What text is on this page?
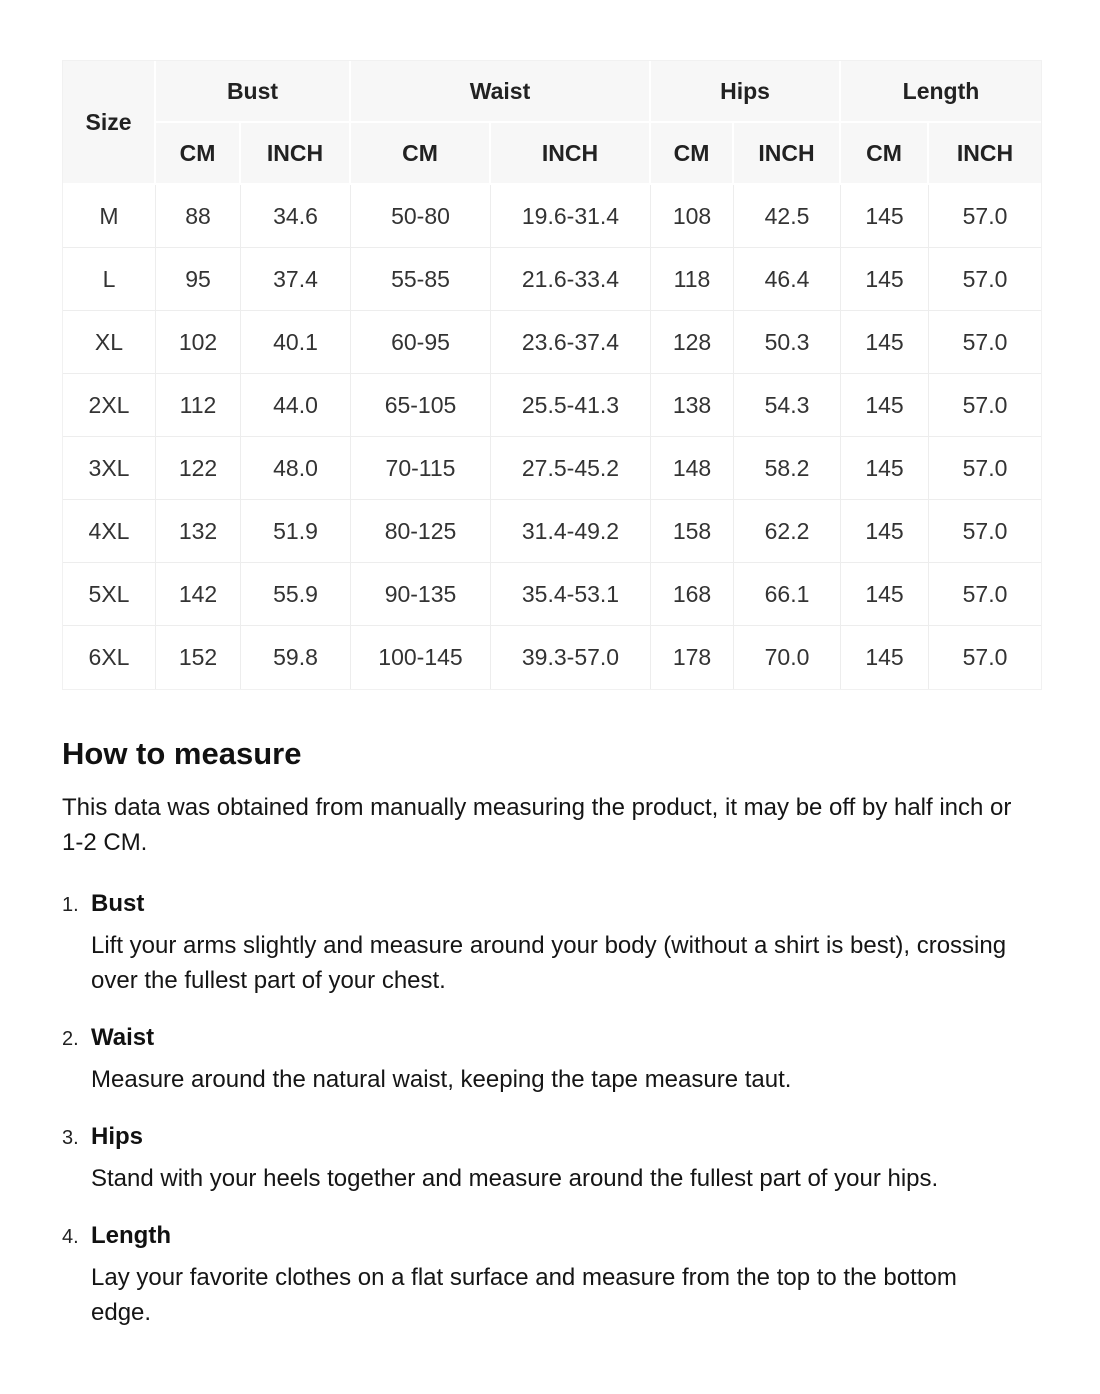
Size	Bust		Waist		Hips		Length	
	CM	INCH	CM	INCH	CM	INCH	CM	INCH
M	88	34.6	50-80	19.6-31.4	108	42.5	145	57.0
L	95	37.4	55-85	21.6-33.4	118	46.4	145	57.0
XL	102	40.1	60-95	23.6-37.4	128	50.3	145	57.0
2XL	112	44.0	65-105	25.5-41.3	138	54.3	145	57.0
3XL	122	48.0	70-115	27.5-45.2	148	58.2	145	57.0
4XL	132	51.9	80-125	31.4-49.2	158	62.2	145	57.0
5XL	142	55.9	90-135	35.4-53.1	168	66.1	145	57.0
6XL	152	59.8	100-145	39.3-57.0	178	70.0	145	57.0
How to measure

This data was obtained from manually measuring the product, it may be off by half inch or 1-2 CM.

1. Bust

Lift your arms slightly and measure around your body (without a shirt is best), crossing over the fullest part of your chest.

2. Waist

Measure around the natural waist, keeping the tape measure taut.

3. Hips

Stand with your heels together and measure around the fullest part of your hips.

4. Length

Lay your favorite clothes on a flat surface and measure from the top to the bottom edge.
